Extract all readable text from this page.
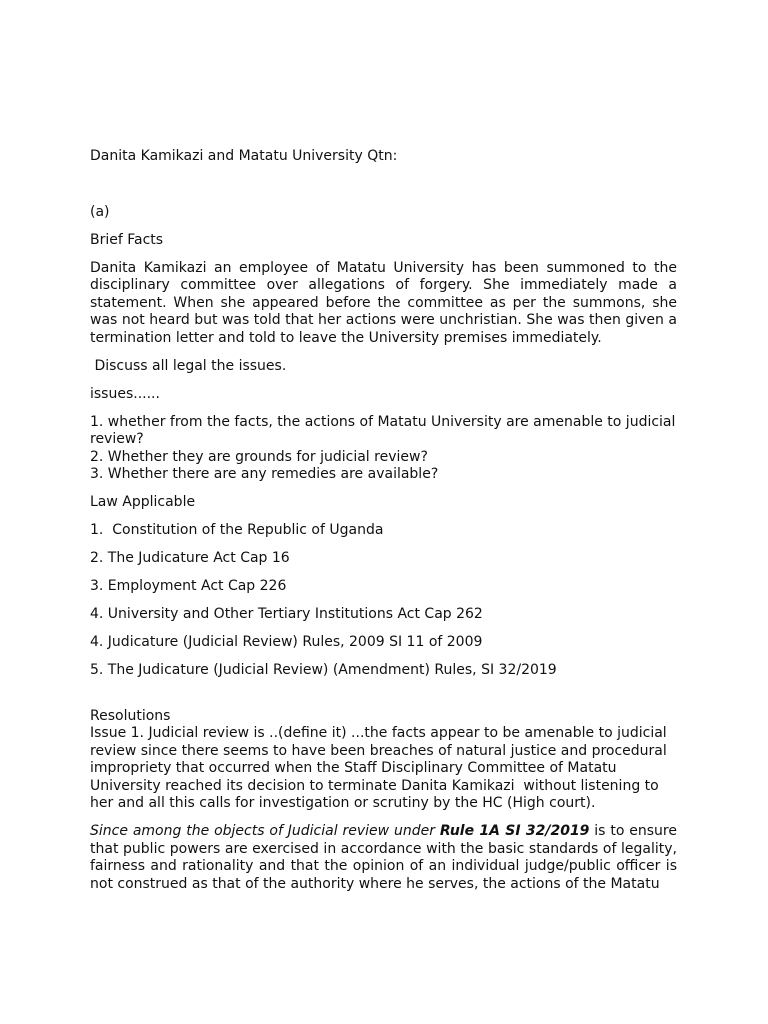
Danita Kamikazi and Matatu University Qtn:

(a)

Brief Facts

Danita Kamikazi an employee of Matatu University has been summoned to the disciplinary committee over allegations of forgery. She immediately made a statement. When she appeared before the committee as per the summons, she was not heard but was told that her actions were unchristian. She was then given a termination letter and told to leave the University premises immediately.

Discuss all legal the issues.

issues......

1. whether from the facts, the actions of Matatu University are amenable to judicial review?

2. Whether they are grounds for judicial review?

3. Whether there are any remedies are available?

Law Applicable

1.  Constitution of the Republic of Uganda

2. The Judicature Act Cap 16

3. Employment Act Cap 226

4. University and Other Tertiary Institutions Act Cap 262

4. Judicature (Judicial Review) Rules, 2009 SI 11 of 2009

5. The Judicature (Judicial Review) (Amendment) Rules, SI 32/2019

Resolutions

Issue 1. Judicial review is ..(define it) ...the facts appear to be amenable to judicial review since there seems to have been breaches of natural justice and procedural impropriety that occurred when the Staff Disciplinary Committee of Matatu University reached its decision to terminate Danita Kamikazi  without listening to her and all this calls for investigation or scrutiny by the HC (High court).

Since among the objects of Judicial review under Rule 1A SI 32/2019 is to ensure that public powers are exercised in accordance with the basic standards of legality, fairness and rationality and that the opinion of an individual judge/public officer is not construed as that of the authority where he serves, the actions of the Matatu
